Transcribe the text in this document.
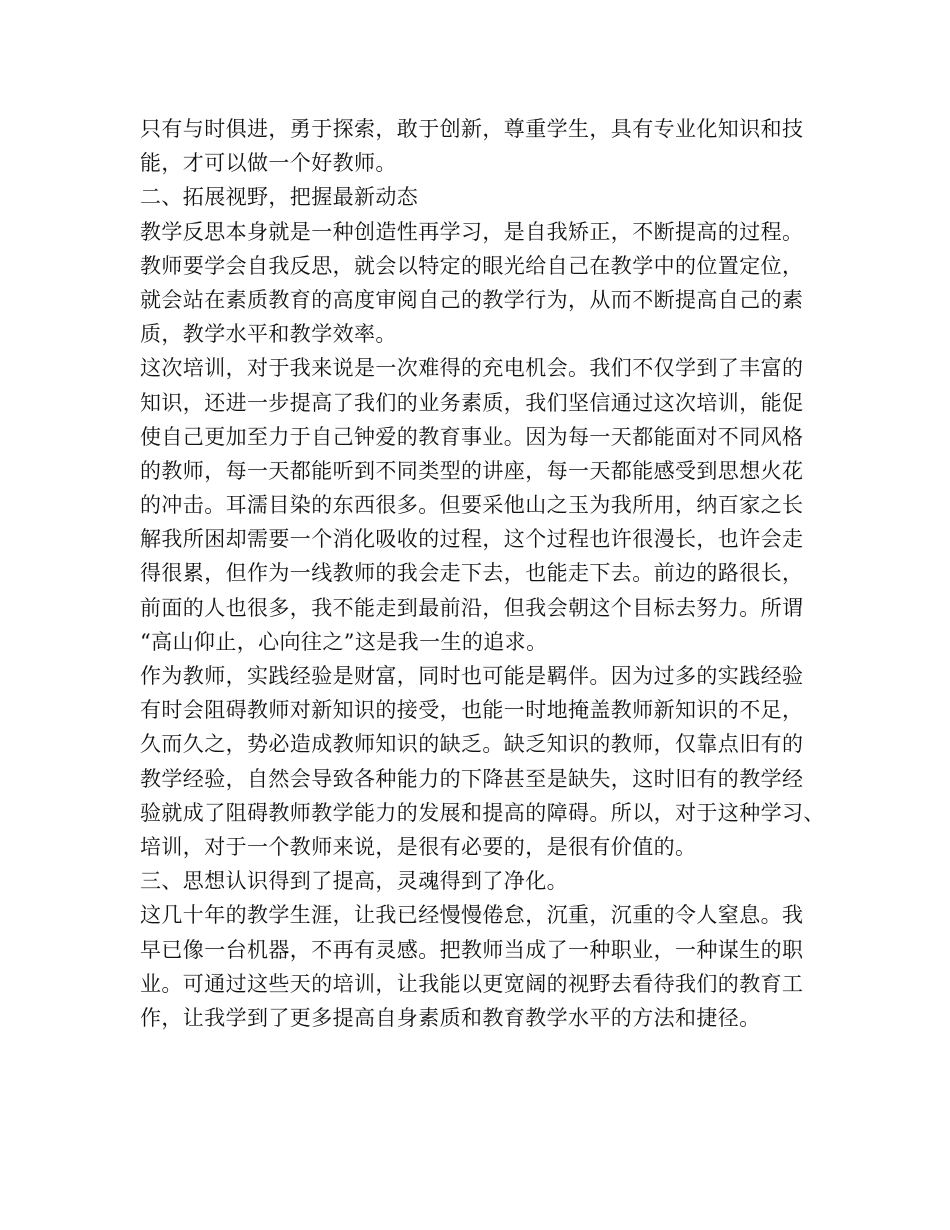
只有与时俱进，勇于探索，敢于创新，尊重学生，具有专业化知识和技
能，才可以做一个好教师。
二、拓展视野，把握最新动态
教学反思本身就是一种创造性再学习，是自我矫正，不断提高的过程。
教师要学会自我反思，就会以特定的眼光给自己在教学中的位置定位，
就会站在素质教育的高度审阅自己的教学行为，从而不断提高自己的素
质，教学水平和教学效率。
这次培训，对于我来说是一次难得的充电机会。我们不仅学到了丰富的
知识，还进一步提高了我们的业务素质，我们坚信通过这次培训，能促
使自己更加至力于自己钟爱的教育事业。因为每一天都能面对不同风格
的教师，每一天都能听到不同类型的讲座，每一天都能感受到思想火花
的冲击。耳濡目染的东西很多。但要采他山之玉为我所用，纳百家之长
解我所困却需要一个消化吸收的过程，这个过程也许很漫长，也许会走
得很累，但作为一线教师的我会走下去，也能走下去。前边的路很长，
前面的人也很多，我不能走到最前沿，但我会朝这个目标去努力。所谓
“高山仰止，心向往之”这是我一生的追求。
作为教师，实践经验是财富，同时也可能是羁伴。因为过多的实践经验
有时会阻碍教师对新知识的接受，也能一时地掩盖教师新知识的不足，
久而久之，势必造成教师知识的缺乏。缺乏知识的教师，仅靠点旧有的
教学经验，自然会导致各种能力的下降甚至是缺失，这时旧有的教学经
验就成了阻碍教师教学能力的发展和提高的障碍。所以，对于这种学习、
培训，对于一个教师来说，是很有必要的，是很有价值的。
三、思想认识得到了提高，灵魂得到了净化。
这几十年的教学生涯，让我已经慢慢倦怠，沉重，沉重的令人窒息。我
早已像一台机器，不再有灵感。把教师当成了一种职业，一种谋生的职
业。可通过这些天的培训，让我能以更宽阔的视野去看待我们的教育工
作，让我学到了更多提高自身素质和教育教学水平的方法和捷径。
